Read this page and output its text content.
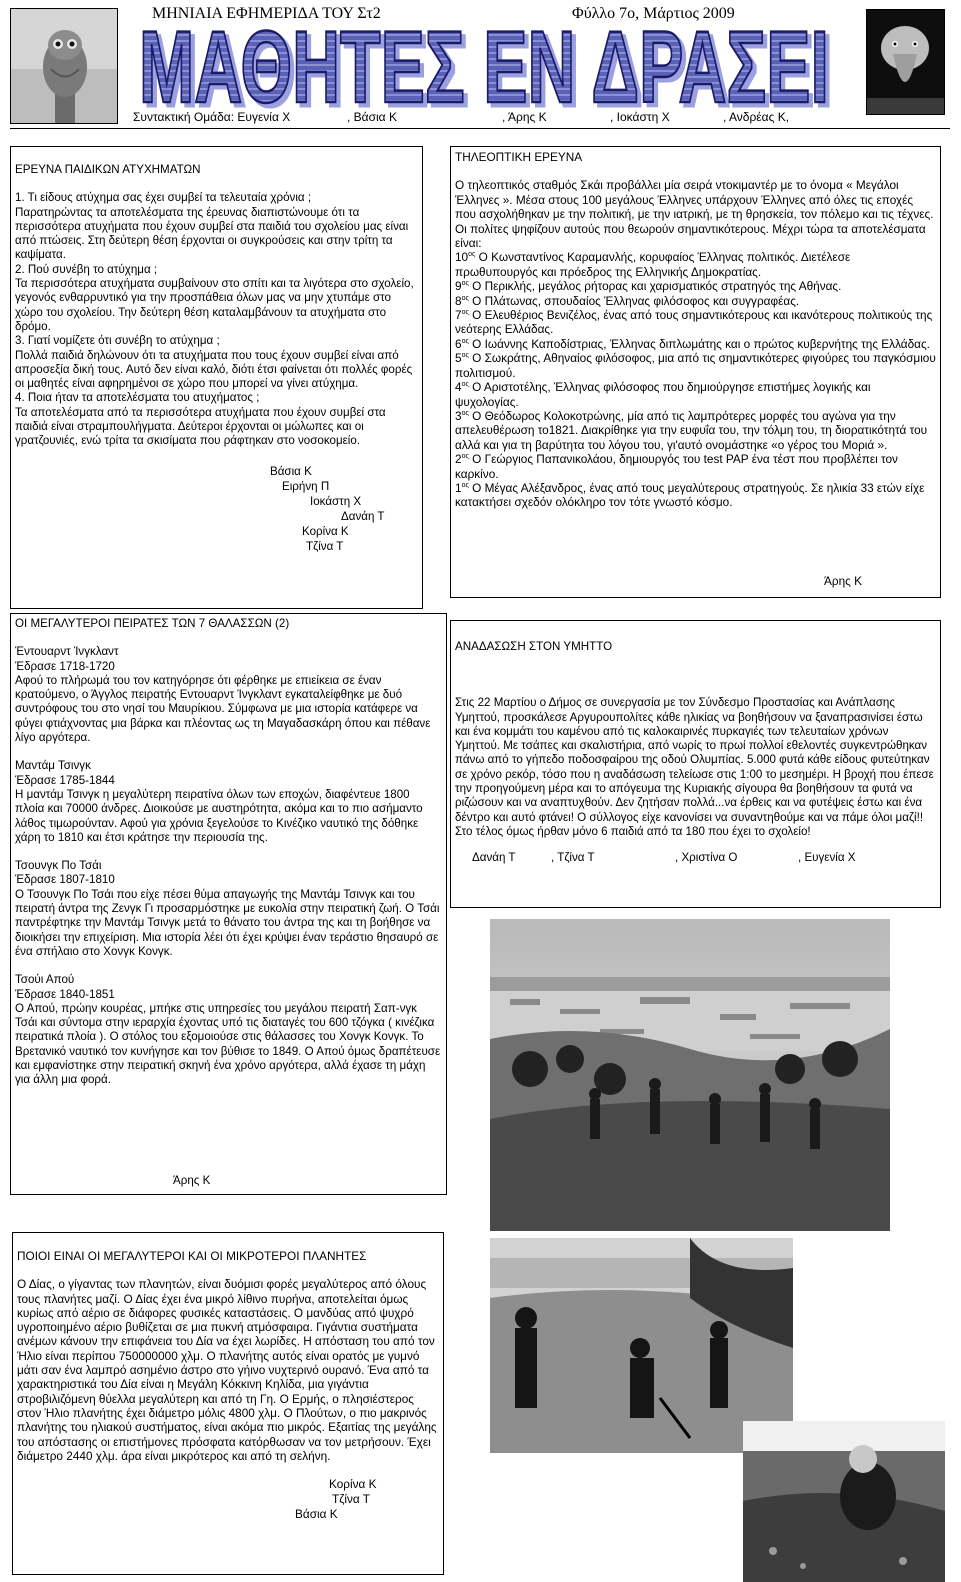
ΜΗΝΙΑΙΑ ΕΦΗΜΕΡΙΔΑ ΤΟΥ Στ2	Φύλλο 7ο, Μάρτιος 2009
ΜΑΘΗΤΕΣ ΕΝ ΔΡΑΣΕΙ
ΜΑΘΗΤΕΣ ΕΝ ΔΡΑΣΕΙ
Συντακτική Ομάδα: Ευγενία Χ	, Βάσια Κ	, Άρης Κ	, Ιοκάστη Χ	, Ανδρέας Κ,

ΕΡΕΥΝΑ ΠΑΙΔΙΚΩΝ ΑΤΥΧΗΜΑΤΩΝ

1. Τι είδους ατύχημα σας έχει συμβεί τα τελευταία χρόνια ;

Παρατηρώντας τα αποτελέσματα της έρευνας διαπιστώνουμε ότι τα περισσότερα ατυχήματα που έχουν συμβεί στα παιδιά του σχολείου μας είναι από πτώσεις. Στη δεύτερη θέση έρχονται οι συγκρούσεις και στην τρίτη τα καψίματα.

2. Πού συνέβη το ατύχημα ;

Τα περισσότερα ατυχήματα συμβαίνουν στο σπίτι και τα λιγότερα στο σχολείο, γεγονός ενθαρρυντικό για την προσπάθεια όλων μας να μην χτυπάμε στο χώρο του σχολείου. Την δεύτερη θέση καταλαμβάνουν τα ατυχήματα στο δρόμο.

3. Γιατί νομίζετε ότι συνέβη το ατύχημα ;

Πολλά παιδιά δηλώνουν ότι τα ατυχήματα που τους έχουν συμβεί είναι από απροσεξία δική τους. Αυτό δεν είναι καλό, διότι έτσι φαίνεται ότι πολλές φορές οι μαθητές είναι αφηρημένοι σε χώρο που μπορεί να γίνει ατύχημα.

4. Ποια ήταν τα αποτελέσματα του ατυχήματος ;

Τα αποτελέσματα από τα περισσότερα ατυχήματα που έχουν συμβεί στα παιδιά είναι στραμπουλήγματα. Δεύτεροι έρχονται οι μώλωπες και οι γρατζουνιές, ενώ τρίτα τα σκισίματα που ράφτηκαν στο νοσοκομείο.

Βάσια Κ
Ειρήνη Π
Ιοκάστη Χ
Δανάη Τ
Κορίνα Κ
Τζίνα Τ

ΤΗΛΕΟΠΤΙΚΗ ΕΡΕΥΝΑ

Ο τηλεοπτικός σταθμός Σκάι προβάλλει μία σειρά ντοκιμαντέρ με το όνομα « Μεγάλοι Έλληνες ». Μέσα στους 100 μεγάλους Έλληνες υπάρχουν Έλληνες από όλες τις εποχές που ασχολήθηκαν με την πολιτική, με την ιατρική, με τη θρησκεία, τον πόλεμο και τις τέχνες. Οι πολίτες ψηφίζουν αυτούς που θεωρούν σημαντικότερους. Μέχρι τώρα τα αποτελέσματα είναι:

$10^{o\varsigma}$ Ο Κωνσταντίνος Καραμανλής, κορυφαίος Έλληνας πολιτικός. Διετέλεσε πρωθυπουργός και πρόεδρος της Ελληνικής Δημοκρατίας.

$9^{o\varsigma}$ Ο Περικλής, μεγάλος ρήτορας και χαρισματικός στρατηγός της Αθήνας.

$8^{o\varsigma}$ Ο Πλάτωνας, σπουδαίος Έλληνας φιλόσοφος και συγγραφέας.

$7^{o\varsigma}$ Ο Ελευθέριος Βενιζέλος, ένας από τους σημαντικότερους και ικανότερους πολιτικούς της νεότερης Ελλάδας.

$6^{o\varsigma}$ Ο Ιωάννης Καποδίστριας, Έλληνας διπλωμάτης και ο πρώτος κυβερνήτης της Ελλάδας.

$5^{o\varsigma}$ Ο Σωκράτης, Αθηναίος φιλόσοφος, μια από τις σημαντικότερες φιγούρες του παγκόσμιου πολιτισμού.

$4^{o\varsigma}$ Ο Αριστοτέλης, Έλληνας φιλόσοφος που δημιούργησε επιστήμες λογικής και ψυχολογίας.

$3^{o\varsigma}$ Ο Θεόδωρος Κολοκοτρώνης, μία από τις λαμπρότερες μορφές του αγώνα για την απελευθέρωση το1821. Διακρίθηκε για την ευφυΐα του, την τόλμη του, τη διορατικότητά του αλλά και για τη βαρύτητα του λόγου του, γι'αυτό ονομάστηκε «ο γέρος του Μοριά ».

$2^{o\varsigma}$ Ο Γεώργιος Παπανικολάου, δημιουργός του test PAP ένα τέστ που προβλέπει τον καρκίνο.

$1^{o\varsigma}$ Ο Μέγας Αλέξανδρος, ένας από τους μεγαλύτερους στρατηγούς. Σε ηλικία 33 ετών είχε κατακτήσει σχεδόν ολόκληρο τον τότε γνωστό κόσμο.

Άρης Κ

ΟΙ ΜΕΓΑΛΥΤΕΡΟΙ ΠΕΙΡΑΤΕΣ ΤΩΝ 7 ΘΑΛΑΣΣΩΝ (2)

Έντουαρντ Ίνγκλαντ

Έδρασε 1718-1720

Αφού το πλήρωμά του τον κατηγόρησε ότι φέρθηκε με επιείκεια σε έναν κρατούμενο, ο Άγγλος πειρατής Εντουαρντ Ίνγκλαντ εγκαταλείφθηκε με δυό συντρόφους του στο νησί του Μαυρίκιου. Σύμφωνα με μια ιστορία κατάφερε να φύγει φτιάχνοντας μια βάρκα και πλέοντας ως τη Μαγαδασκάρη όπου και πέθανε λίγο αργότερα.

Μαντάμ Τσινγκ

Έδρασε 1785-1844

Η μαντάμ Τσινγκ η μεγαλύτερη πειρατίνα όλων των εποχών, διαφέντευε 1800 πλοία και 70000 άνδρες. Διοικούσε με αυστηρότητα, ακόμα και το πιο ασήμαντο λάθος τιμωρούνταν. Αφού για χρόνια ξεγελούσε το Κινέζικο ναυτικό της δόθηκε χάρη το 1810 και έτσι κράτησε την περιουσία της.

Τσουνγκ Πο Τσάι

Έδρασε 1807-1810

Ο Τσουνγκ Πο Τσάι που είχε πέσει θύμα απαγωγής της Μαντάμ Τσινγκ και του πειρατή άντρα της Ζενγκ Γι προσαρμόστηκε με ευκολία στην πειρατική ζωή. Ο Τσάι παντρέφτηκε την Μαντάμ Τσινγκ μετά το θάνατο του άντρα της και τη βοήθησε να διοικήσει την επιχείριση. Μια ιστορία λέει ότι έχει κρύψει έναν τεράστιο θησαυρό σε ένα σπήλαιο στο Χονγκ Κονγκ.

Τσούι Απού

Έδρασε 1840-1851

Ο Απού, πρώην κουρέας, μπήκε στις υπηρεσίες του μεγάλου πειρατή Σαπ-νγκ Τσάι και σύντομα στην ιεραρχία έχοντας υπό τις διαταγές του 600 τζόγκα ( κινέζικα πειρατικά πλοία ). Ο στόλος του εξομοιούσε στις θάλασσες του Χονγκ Κονγκ. Το Βρετανικό ναυτικό τον κυνήγησε και τον βύθισε το 1849. Ο Απού όμως δραπέτευσε και εμφανίστηκε στην πειρατική σκηνή ένα χρόνο αργότερα, αλλά έχασε τη μάχη για άλλη μια φορά.

Άρης Κ

ΑΝΑΔΑΣΩΣΗ ΣΤΟΝ ΥΜΗΤΤΟ

Στις 22 Μαρτίου ο Δήμος σε συνεργασία με τον Σύνδεσμο Προστασίας και Ανάπλασης Υμηττού, προσκάλεσε Αργυρουπολίτες κάθε ηλικίας να βοηθήσουν να ξαναπρασινίσει έστω και ένα κομμάτι του καμένου από τις καλοκαιρινές πυρκαγιές των τελευταίων χρόνων Υμηττού. Με τσάπες και σκαλιστήρια, από νωρίς το πρωί πολλοί εθελοντές συγκεντρώθηκαν πάνω από το γήπεδο ποδοσφαίρου της οδού Ολυμπίας. 5.000 φυτά κάθε είδους φυτεύτηκαν σε χρόνο ρεκόρ, τόσο που η αναδάσωση τελείωσε στις 1:00 το μεσημέρι. Η βροχή που έπεσε την προηγούμενη μέρα και το απόγευμα της Κυριακής σίγουρα θα βοηθήσουν τα φυτά να ριζώσουν και να αναπτυχθούν. Δεν ζητήσαν πολλά...να έρθεις και να φυτέψεις έστω και ένα δέντρο και αυτό φτάνει! Ο σύλλογος είχε κανονίσει να συναντηθούμε και να πάμε όλοι μαζί!! Στο τέλος όμως ήρθαν μόνο 6 παιδιά από τα 180 που έχει το σχολείο!

Δανάη Τ	, Τζίνα Τ	, Χριστίνα Ο	, Ευγενία Χ

ΠΟΙΟΙ ΕΙΝΑΙ ΟΙ ΜΕΓΑΛΥΤΕΡΟΙ ΚΑΙ ΟΙ ΜΙΚΡΟΤΕΡΟΙ ΠΛΑΝΗΤΕΣ

Ο Δίας, ο γίγαντας των πλανητών, είναι δυόμισι φορές μεγαλύτερος από όλους τους πλανήτες μαζί. Ο Δίας έχει ένα μικρό λίθινο πυρήνα, αποτελείται όμως κυρίως από αέριο σε διάφορες φυσικές καταστάσεις. Ο μανδύας από ψυχρό υγροποιημένο αέριο βυθίζεται σε μια πυκνή ατμόσφαιρα. Γιγάντια συστήματα ανέμων κάνουν την επιφάνεια του Δία να έχει λωρίδες. Η απόσταση του από τον Ήλιο είναι περίπου 750000000 χλμ. Ο πλανήτης αυτός είναι ορατός με γυμνό μάτι σαν ένα λαμπρό ασημένιο άστρο στο γήινο νυχτερινό ουρανό. Ένα από τα χαρακτηριστικά του Δία είναι η Μεγάλη Κόκκινη Κηλίδα, μια γιγάντια στροβιλιζόμενη θύελλα μεγαλύτερη και από τη Γη. Ο Ερμής, ο πλησιέστερος στον Ήλιο πλανήτης έχει διάμετρο μόλις 4800 χλμ. Ο Πλούτων, ο πιο μακρινός πλανήτης του ηλιακού συστήματος, είναι ακόμα πιο μικρός. Εξαιτίας της μεγάλης του απόστασης οι επιστήμονες πρόσφατα κατόρθωσαν να τον μετρήσουν. Έχει διάμετρο 2440 χλμ. άρα είναι μικρότερος και από τη σελήνη.

Κορίνα Κ
Τζίνα Τ
Βάσια Κ
